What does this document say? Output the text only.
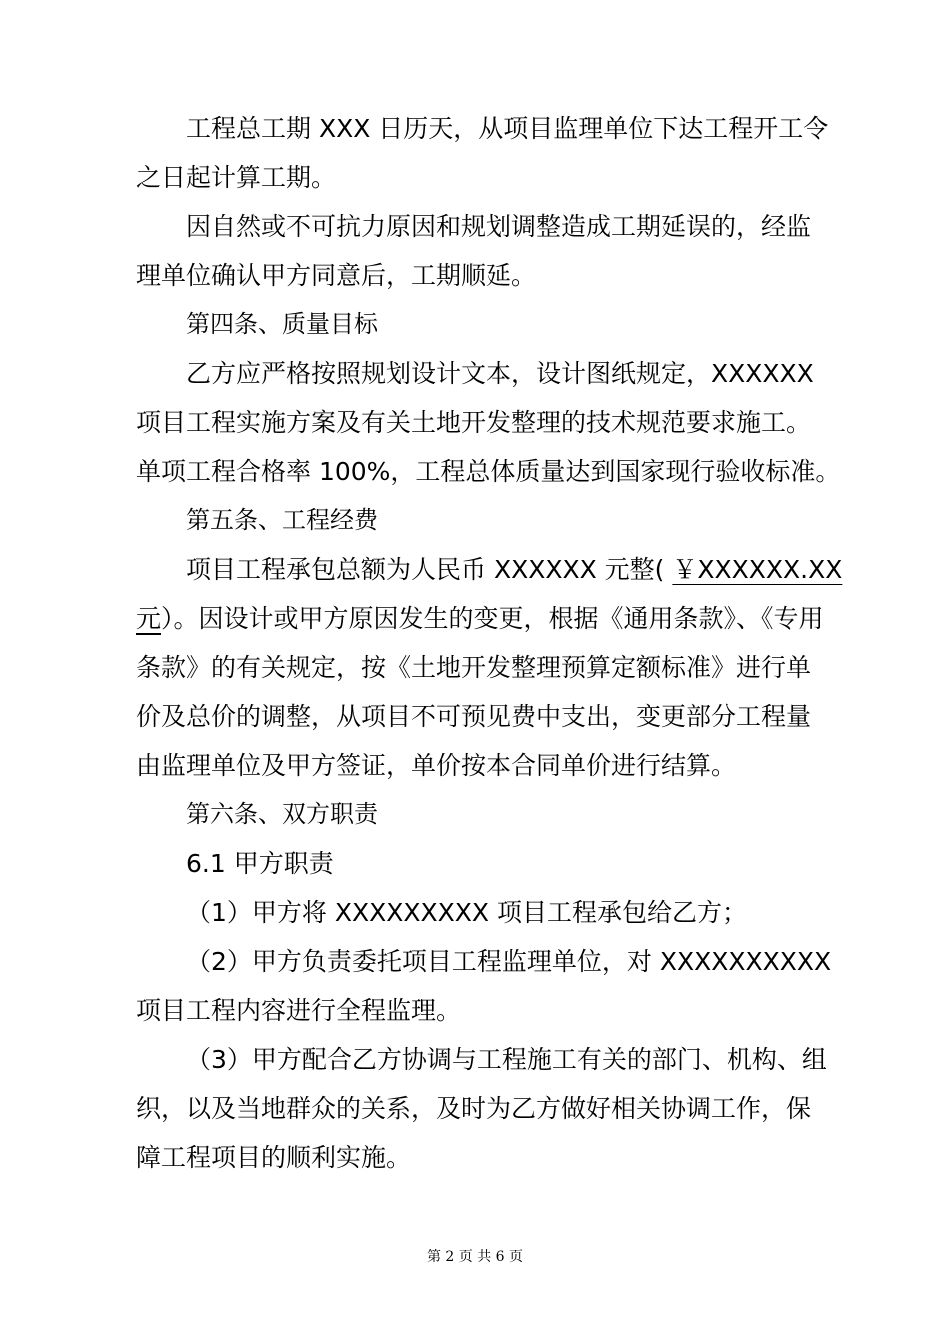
工程总工期 XXX 日历天，从项目监理单位下达工程开工令

之日起计算工期。

因自然或不可抗力原因和规划调整造成工期延误的，经监

理单位确认甲方同意后，工期顺延。

第四条、质量目标

乙方应严格按照规划设计文本，设计图纸规定，XXXXXX

项目工程实施方案及有关土地开发整理的技术规范要求施工。

单项工程合格率 100%，工程总体质量达到国家现行验收标准。

第五条、工程经费

项目工程承包总额为人民币 XXXXXX 元整( ￥XXXXXX.XX

元）。因设计或甲方原因发生的变更，根据《通用条款》、《专用

条款》的有关规定，按《土地开发整理预算定额标准》进行单

价及总价的调整，从项目不可预见费中支出，变更部分工程量

由监理单位及甲方签证，单价按本合同单价进行结算。

第六条、双方职责

6.1 甲方职责

（1）甲方将 XXXXXXXXX 项目工程承包给乙方；

（2）甲方负责委托项目工程监理单位，对 XXXXXXXXXX

项目工程内容进行全程监理。

（3）甲方配合乙方协调与工程施工有关的部门、机构、组

织，以及当地群众的关系，及时为乙方做好相关协调工作，保

障工程项目的顺利实施。

第 2 页 共 6 页
